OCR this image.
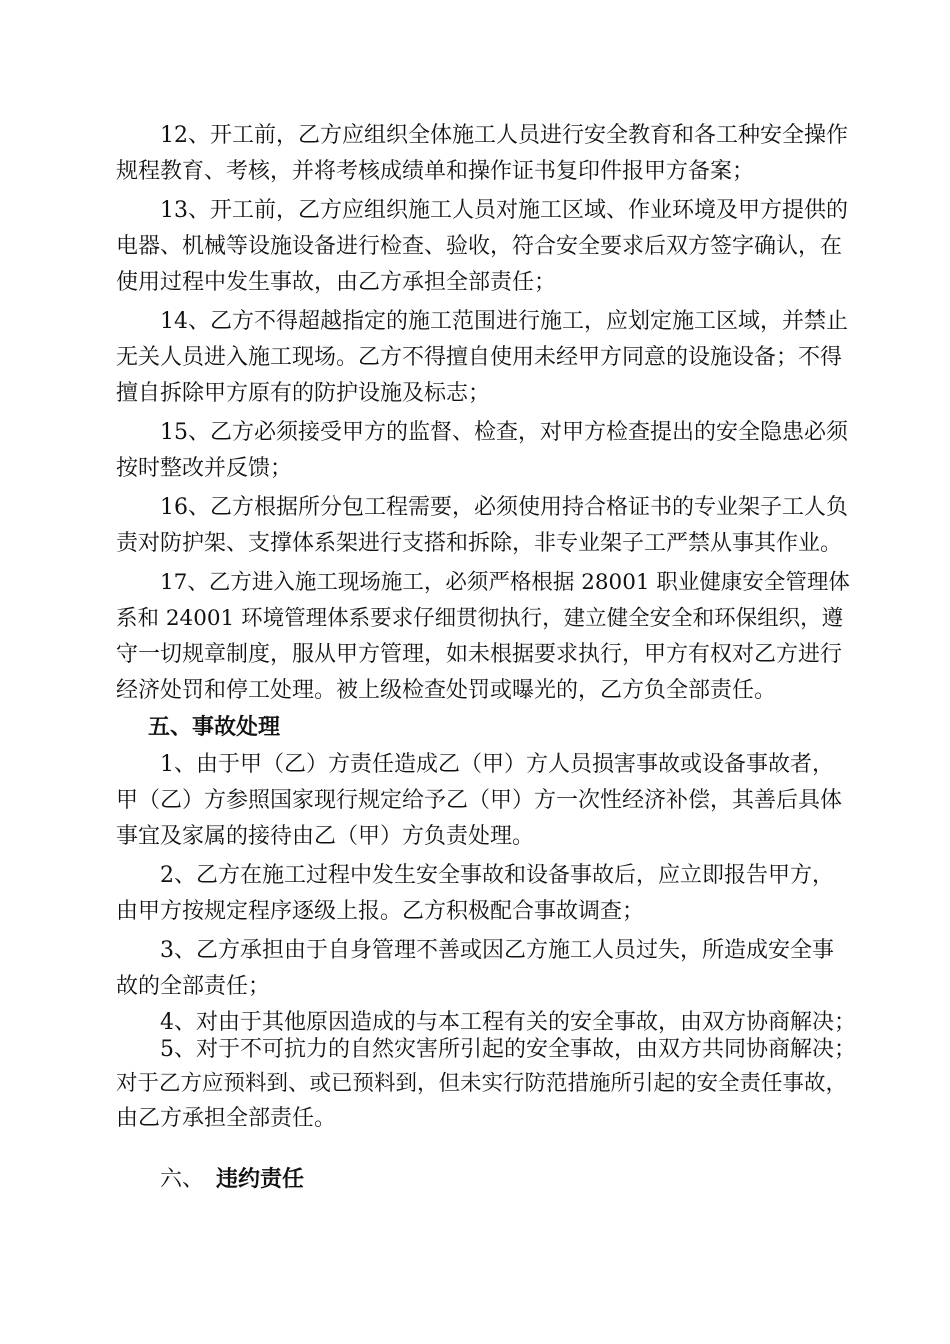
12、开工前，乙方应组织全体施工人员进行安全教育和各工种安全操作

规程教育、考核，并将考核成绩单和操作证书复印件报甲方备案；

13、开工前，乙方应组织施工人员对施工区域、作业环境及甲方提供的

电器、机械等设施设备进行检查、验收，符合安全要求后双方签字确认，在

使用过程中发生事故，由乙方承担全部责任；

14、乙方不得超越指定的施工范围进行施工，应划定施工区域，并禁止

无关人员进入施工现场。乙方不得擅自使用未经甲方同意的设施设备；不得

擅自拆除甲方原有的防护设施及标志；

15、乙方必须接受甲方的监督、检查，对甲方检查提出的安全隐患必须

按时整改并反馈；

16、乙方根据所分包工程需要，必须使用持合格证书的专业架子工人负

责对防护架、支撑体系架进行支搭和拆除，非专业架子工严禁从事其作业。

17、乙方进入施工现场施工，必须严格根据 28001 职业健康安全管理体

系和 24001 环境管理体系要求仔细贯彻执行，建立健全安全和环保组织，遵

守一切规章制度，服从甲方管理，如未根据要求执行，甲方有权对乙方进行

经济处罚和停工处理。被上级检查处罚或曝光的，乙方负全部责任。

五、事故处理

1、由于甲（乙）方责任造成乙（甲）方人员损害事故或设备事故者，

甲（乙）方参照国家现行规定给予乙（甲）方一次性经济补偿，其善后具体

事宜及家属的接待由乙（甲）方负责处理。

2、乙方在施工过程中发生安全事故和设备事故后，应立即报告甲方，

由甲方按规定程序逐级上报。乙方积极配合事故调查；

3、乙方承担由于自身管理不善或因乙方施工人员过失，所造成安全事

故的全部责任；

4、对由于其他原因造成的与本工程有关的安全事故，由双方协商解决；

5、对于不可抗力的自然灾害所引起的安全事故，由双方共同协商解决；

对于乙方应预料到、或已预料到，但未实行防范措施所引起的安全责任事故，

由乙方承担全部责任。

六、 违约责任
